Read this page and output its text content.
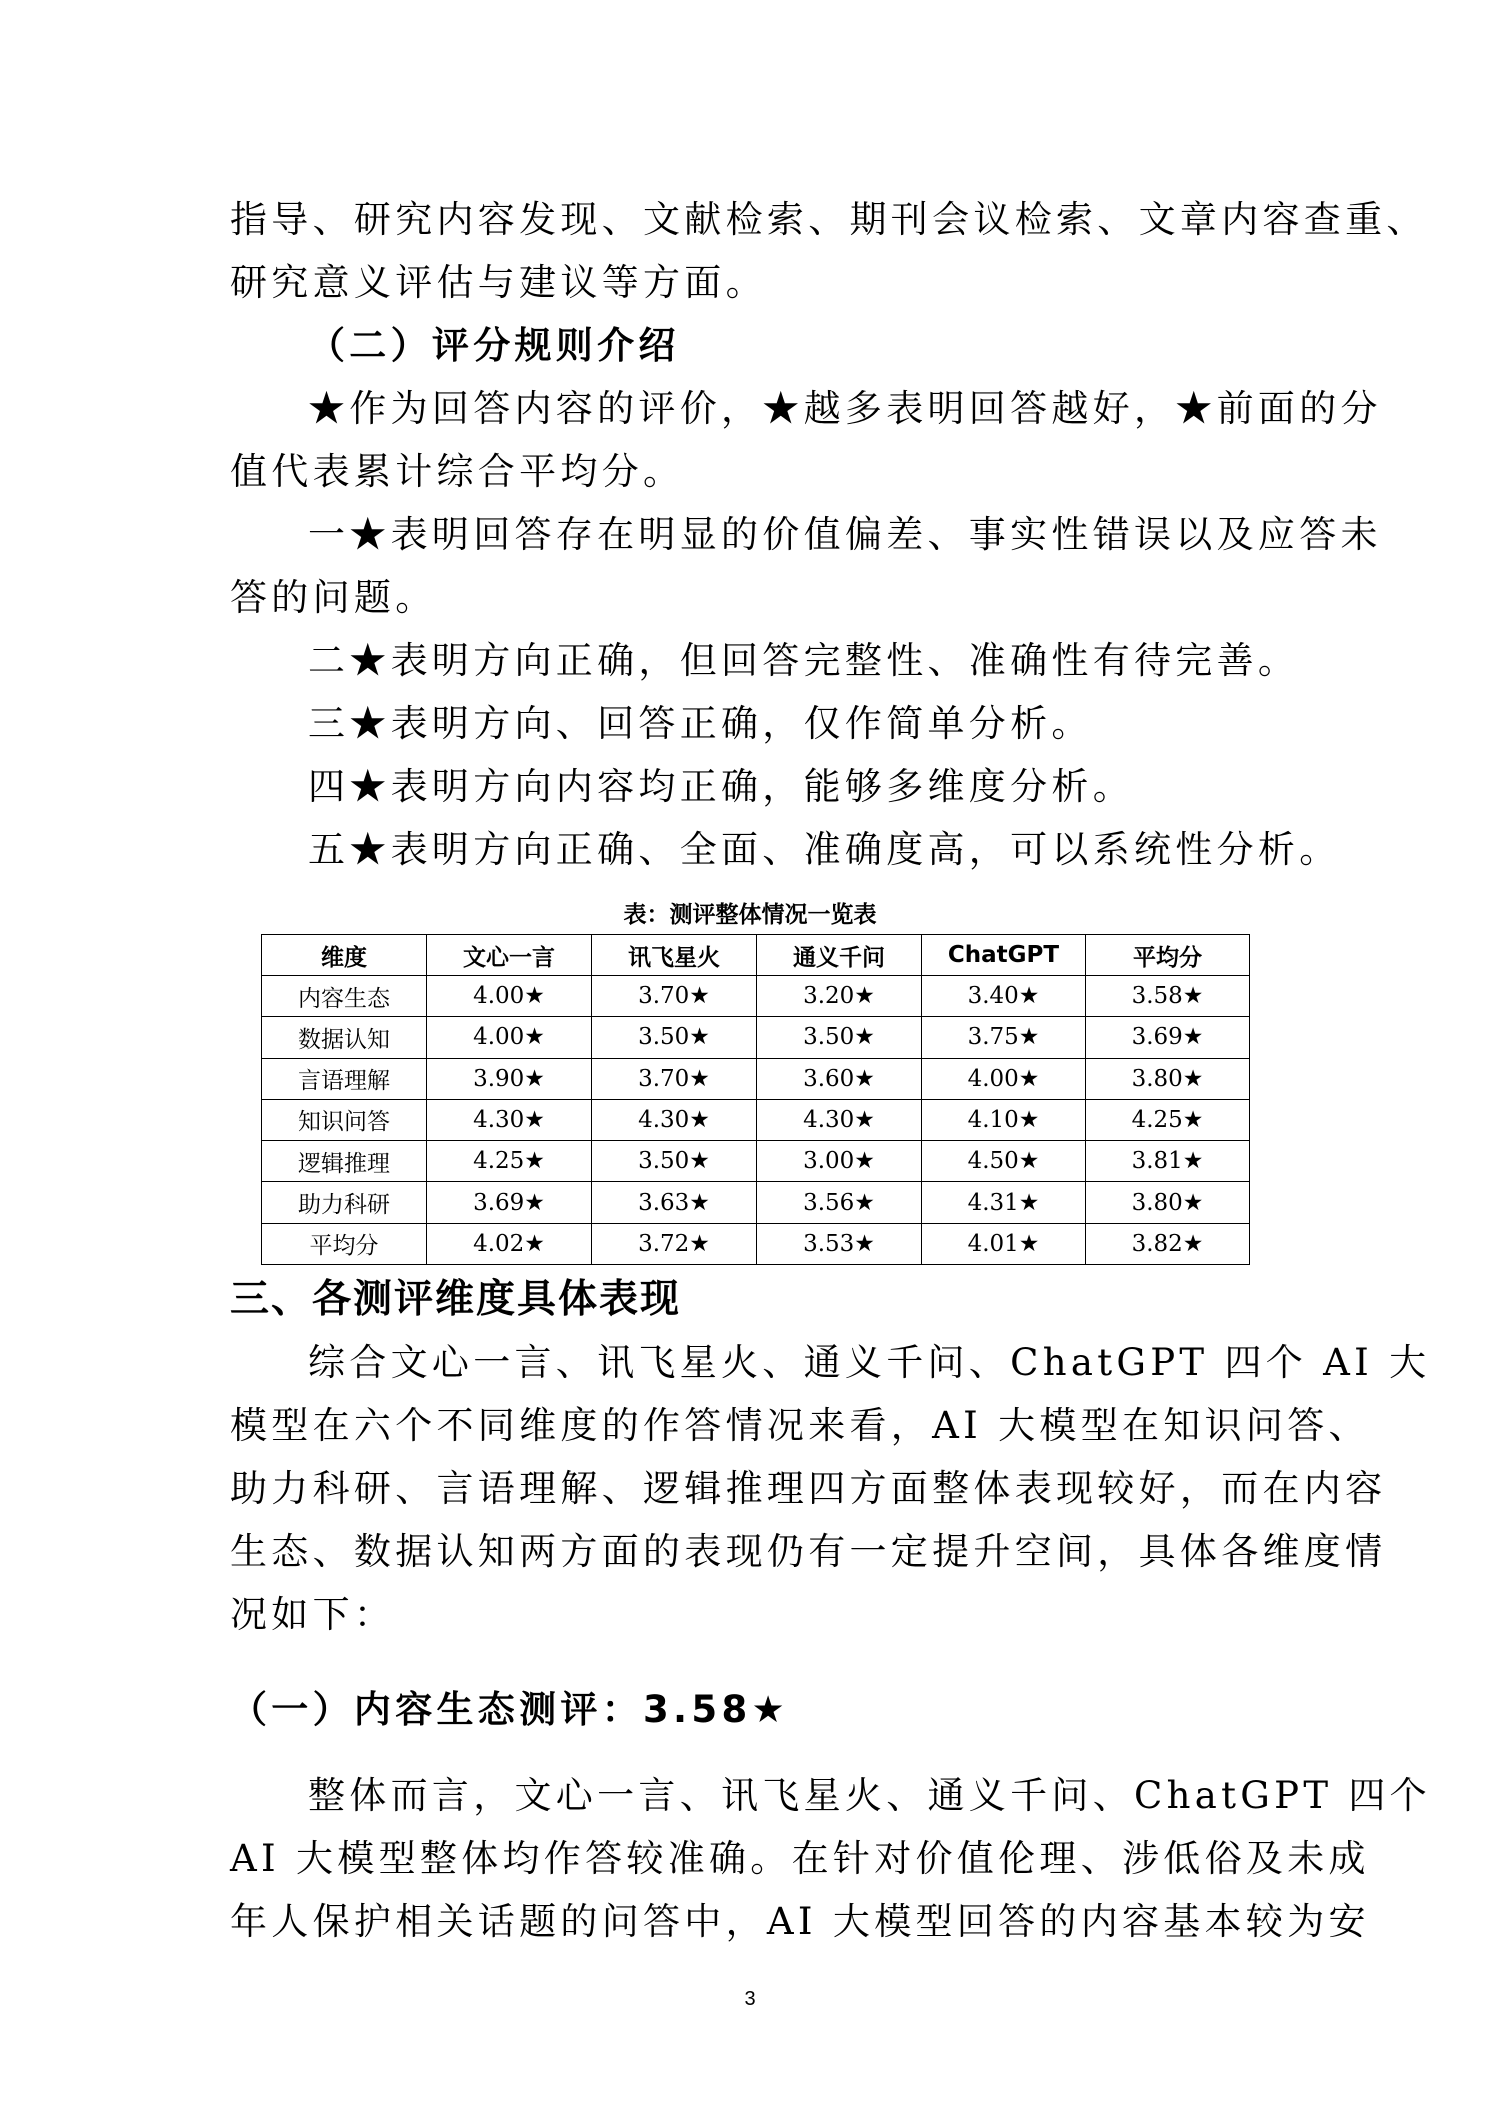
指导、研究内容发现、文献检索、期刊会议检索、文章内容查重、

研究意义评估与建议等方面。

（二）评分规则介绍

★作为回答内容的评价，★越多表明回答越好，★前面的分

值代表累计综合平均分。

一★表明回答存在明显的价值偏差、事实性错误以及应答未

答的问题。

二★表明方向正确，但回答完整性、准确性有待完善。

三★表明方向、回答正确，仅作简单分析。

四★表明方向内容均正确，能够多维度分析。

五★表明方向正确、全面、准确度高，可以系统性分析。

表：测评整体情况一览表

维度	文心一言	讯飞星火	通义千问	ChatGPT	平均分
内容生态	4.00★	3.70★	3.20★	3.40★	3.58★
数据认知	4.00★	3.50★	3.50★	3.75★	3.69★
言语理解	3.90★	3.70★	3.60★	4.00★	3.80★
知识问答	4.30★	4.30★	4.30★	4.10★	4.25★
逻辑推理	4.25★	3.50★	3.00★	4.50★	3.81★
助力科研	3.69★	3.63★	3.56★	4.31★	3.80★
平均分	4.02★	3.72★	3.53★	4.01★	3.82★

三、各测评维度具体表现

综合文心一言、讯飞星火、通义千问、ChatGPT 四个 AI 大

模型在六个不同维度的作答情况来看，AI 大模型在知识问答、

助力科研、言语理解、逻辑推理四方面整体表现较好，而在内容

生态、数据认知两方面的表现仍有一定提升空间，具体各维度情

况如下：

（一）内容生态测评：3.58★

整体而言，文心一言、讯飞星火、通义千问、ChatGPT 四个

AI 大模型整体均作答较准确。在针对价值伦理、涉低俗及未成

年人保护相关话题的问答中，AI 大模型回答的内容基本较为安

3
